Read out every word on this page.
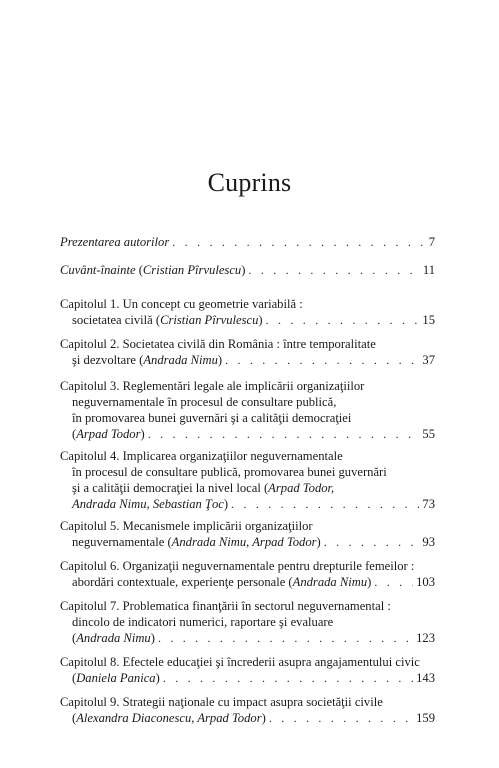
Cuprins
Prezentarea autorilor . . .	7
Cuvânt-înainte (Cristian Pîrvulescu) . . .	11
Capitolul 1. Un concept cu geometrie variabilă :
societatea civilă (Cristian Pîrvulescu) . . .	15
Capitolul 2. Societatea civilă din România : între temporalitate
şi dezvoltare (Andrada Nimu) . . .	37
Capitolul 3. Reglementări legale ale implicării organizaţiilor
neguvernamentale în procesul de consultare publică,
în promovarea bunei guvernări şi a calităţii democraţiei
(Arpad Todor) . . .	55
Capitolul 4. Implicarea organizaţiilor neguvernamentale
în procesul de consultare publică, promovarea bunei guvernări
şi a calităţii democraţiei la nivel local (Arpad Todor,
Andrada Nimu, Sebastian Ţoc) . . .	73
Capitolul 5. Mecanismele implicării organizaţiilor
neguvernamentale (Andrada Nimu, Arpad Todor) . . .	93
Capitolul 6. Organizaţii neguvernamentale pentru drepturile femeilor :
abordări contextuale, experienţe personale (Andrada Nimu) . . .	103
Capitolul 7. Problematica finanţării în sectorul neguvernamental :
dincolo de indicatori numerici, raportare şi evaluare
(Andrada Nimu) . . .	123
Capitolul 8. Efectele educaţiei şi încrederii asupra angajamentului civic
(Daniela Panica) . . .	143
Capitolul 9. Strategii naţionale cu impact asupra societăţii civile
(Alexandra Diaconescu, Arpad Todor) . . .	159
